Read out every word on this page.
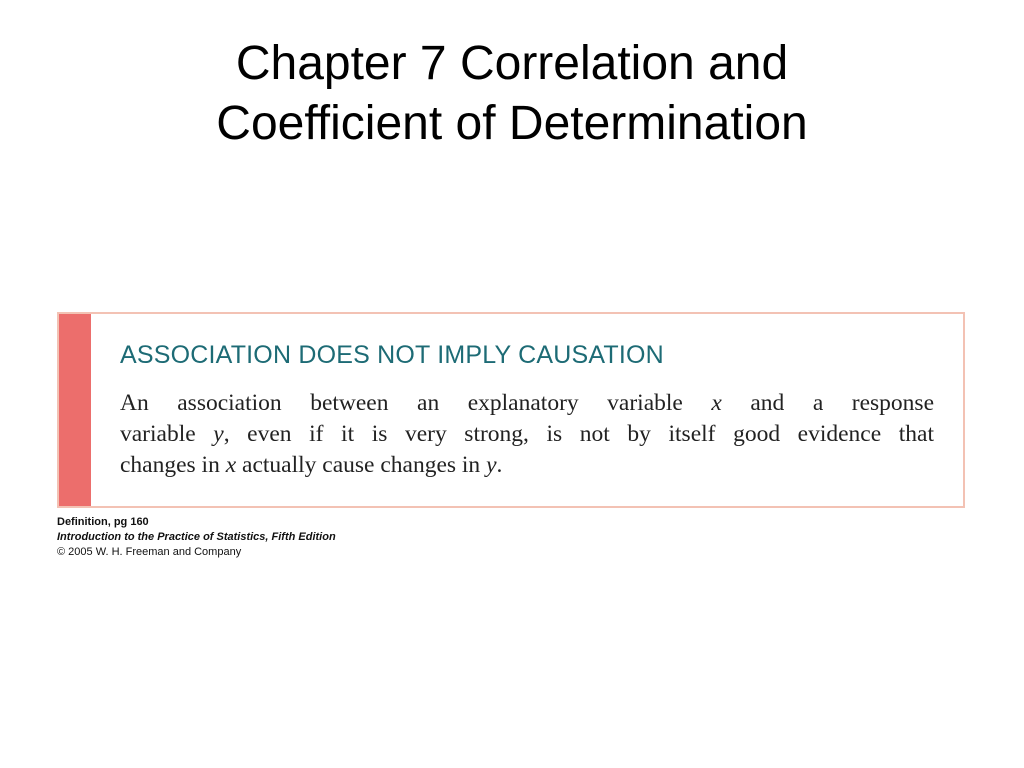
Chapter 7 Correlation and
Coefficient of Determination
ASSOCIATION DOES NOT IMPLY CAUSATION

An association between an explanatory variable x and a response
variable y, even if it is very strong, is not by itself good evidence that
changes in x actually cause changes in y.

Definition, pg 160
Introduction to the Practice of Statistics, Fifth Edition
© 2005 W. H. Freeman and Company
